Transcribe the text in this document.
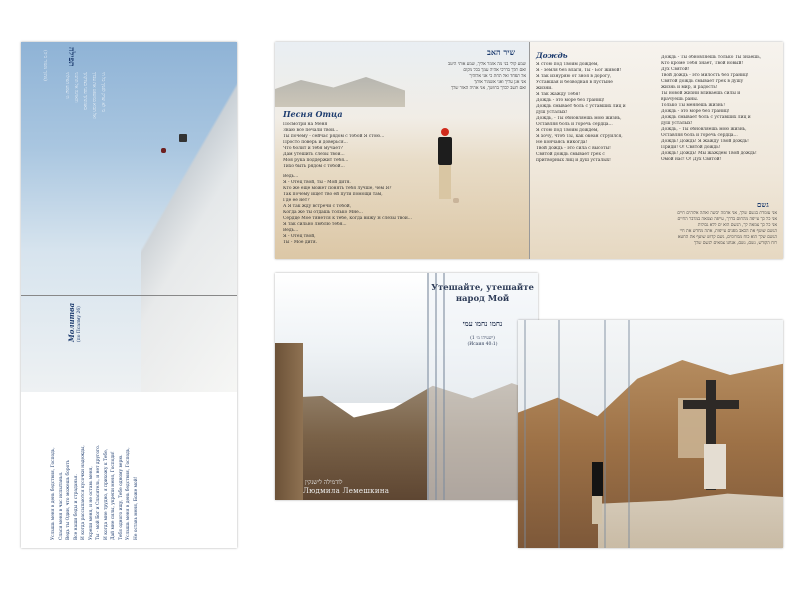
תפילה
(מתוך מזמור כ״ה)	ה׳ שמע תפילתי והאזינה אל תחנוני באמונתך ענני בצדקתך ואל תבוא במשפט את עבדך כי לא יצדק לפניך כל חי
Молитва (по Псалму 26)
Услышь меня в день бедствия, Господь, Спаси меня в час испытанья. Ведь ты Один, что можешь бороть Все наши беды и страданья. И когда рассыпаются кусочки надежды, Укрепи меня, и не оставь меня, Ты - мой Бог и Спаситель, и нет другого. И когда мне трудно, я прихожу к Тебе, Дай мне силы, укрепи меня, Господи! Тебя одного ищу, Тебе одному верю. Услышь меня в день бедствия, Господь, Не оставь меня, Боже мой!
שיר האב
שמע קולי בני מה אומר אליך, שמע אותי היטב
ואם תלך בדרכי אהיה עמך בכל מקום
אל תפחד ואל תחת כי אני אלוהיך
אני אגן עליך ואני אשמור אותך
ואם תשב לבדך בחושך, אני אהיה האור שלך
Песня Отца
Посмотри на Меня
Знаю все печали твои...
Ты почему - сейчас рядом с тобой Я стою...
Просто поверь и доверься...
Что болит и тебя мучает?
Дам утешить слёзы твои...
Моя рука поддержит тебя...
Тихо быть рядом с тобой...
Ведь...
Я - Отец твой, ты - Мой дитя.
Кто же ещё может понять тебя лучше, чем Я?
Так почему ищет тво ей пути помощи там,
Где её нет?
А Я так жду встречи с тобой,
Когда же ты отдашь только Мне...
Сердце Моё тянется к тебе, когда вижу Я слёзы твои...
Я так сильно люблю тебя...
Ведь...
Я - Отец твой,
Ты - Моё дитя.
Дождь
Я стою под Твоим дождём,
Я - земля без влаги, Ты - Бог живой!
Я так изнуряю от зноя в дорогу,
Уставшая и безводная в пустыне
жизни.
Я так жажду Тебя!
Дождь - это море без границ!
Дождь смывает боль с уставших лиц и
душ усталых!
Дождь, - Ты обновляешь мою жизнь,
Оставляя боль и горечь сердца...
Я стою под Твоим дождём,
Я хочу, чтоб Ты, как океан струился,
Не кончаясь никогда!
Твой дождь - это сила с высоты!
Святой дождь смывает грех с
притворных лиц и душ усталых!
Дождь - Ты обновляешь только Ты знаешь,
Кто кроме Тебя знает, Твой новый!
Дух Святой!
Твой дождь - это милость без границ!
Святой дождь смывает грех в душу
жизнь и мир, и радость!
Ты новой жизни вливаешь силы и
врачуешь раны.
Только Ты меняешь жизнь!
Дождь - это море без границ!
Дождь смывает боль с уставших лиц и
душ усталых!
Дождь, - Ты обновляешь мою жизнь,
Оставляя боль и горечь сердца...
Дождь! Дождь! Я жажду Твой дождь!
Приди! О! Святой дождь!
Дождь! Дождь! Мы жаждем Твой дождь!
Омой нас! О! Дух Святой!
גשם
אני עומדת בגשם שלך, אני אדמה יבשה ואתה אלוהים חיים
אני כל כך עייפה מהחום בדרך, עייפה וצמאה במדבר החיים
אני כל כך צמאה לך, הגשם הוא ים ללא גבולות
הגשם שוטף את הכאב מפנים עייפות, אתה מחדש את חיי
הגשם שלך הוא כוח ממרומים, גשם קדוש שוטף את החטא
רוח הקודש, גשם, גשם, אנחנו צמאים לגשם שלך
Утешайте, утешайте народ Мой
נחמו נחמו עמי
(ישעיהו מ׳ 1)
(Исаия 40:1)
לודמילה לישנקין
Людмила Лемешкина
